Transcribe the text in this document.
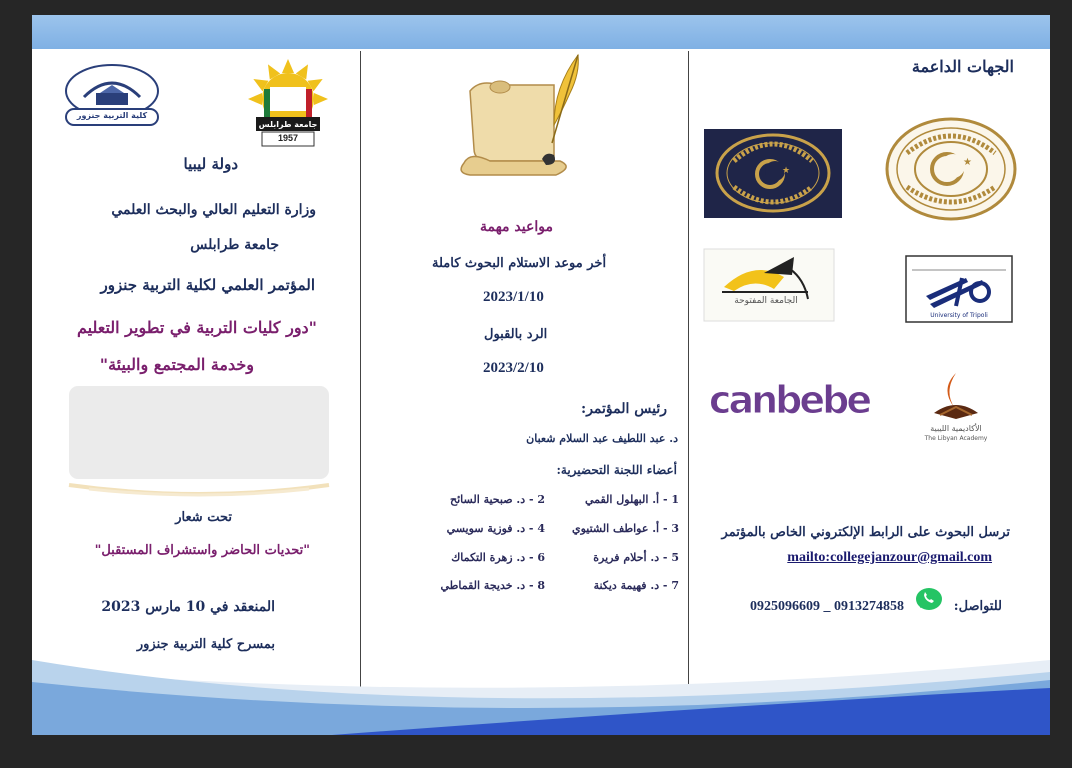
الجهات الداعمة
★
★
الجامعة المفتوحة
University of Tripoli
canbebe
الأكاديمية الليبية
The Libyan Academy
ترسل البحوث على الرابط الإلكتروني الخاص بالمؤتمر
mailto:collegejanzour@gmail.com
للتواصل:
0925096609 _ 0913274858
مواعيد مهمة
أخر موعد الاستلام البحوث كاملة
2023/1/10
الرد بالقبول
2023/2/10
رئيس المؤتمر:
د. عبد اللطيف عبد السلام شعبان
أعضاء اللجنة التحضيرية:
1 - أ. البهلول القمي
2 - د. صبحية السائح
3 - أ. عواطف الشتيوي
4 - د. فوزية سويسي
5 - د. أحلام فريرة
6 - د. زهرة التكماك
7 - د. فهيمة ديكنة
8 - د. خديجة القماطي
كلية التربية جنزور
جامعة طرابلس
1957
دولة ليبيا
وزارة التعليم العالي والبحث العلمي
جامعة طرابلس
المؤتمر العلمي لكلية التربية جنزور
"دور كليات التربية في تطوير التعليم
وخدمة المجتمع والبيئة"
تحت شعار
"تحديات الحاضر واستشراف المستقبل"
المنعقد في 10 مارس 2023
بمسرح كلية التربية جنزور
